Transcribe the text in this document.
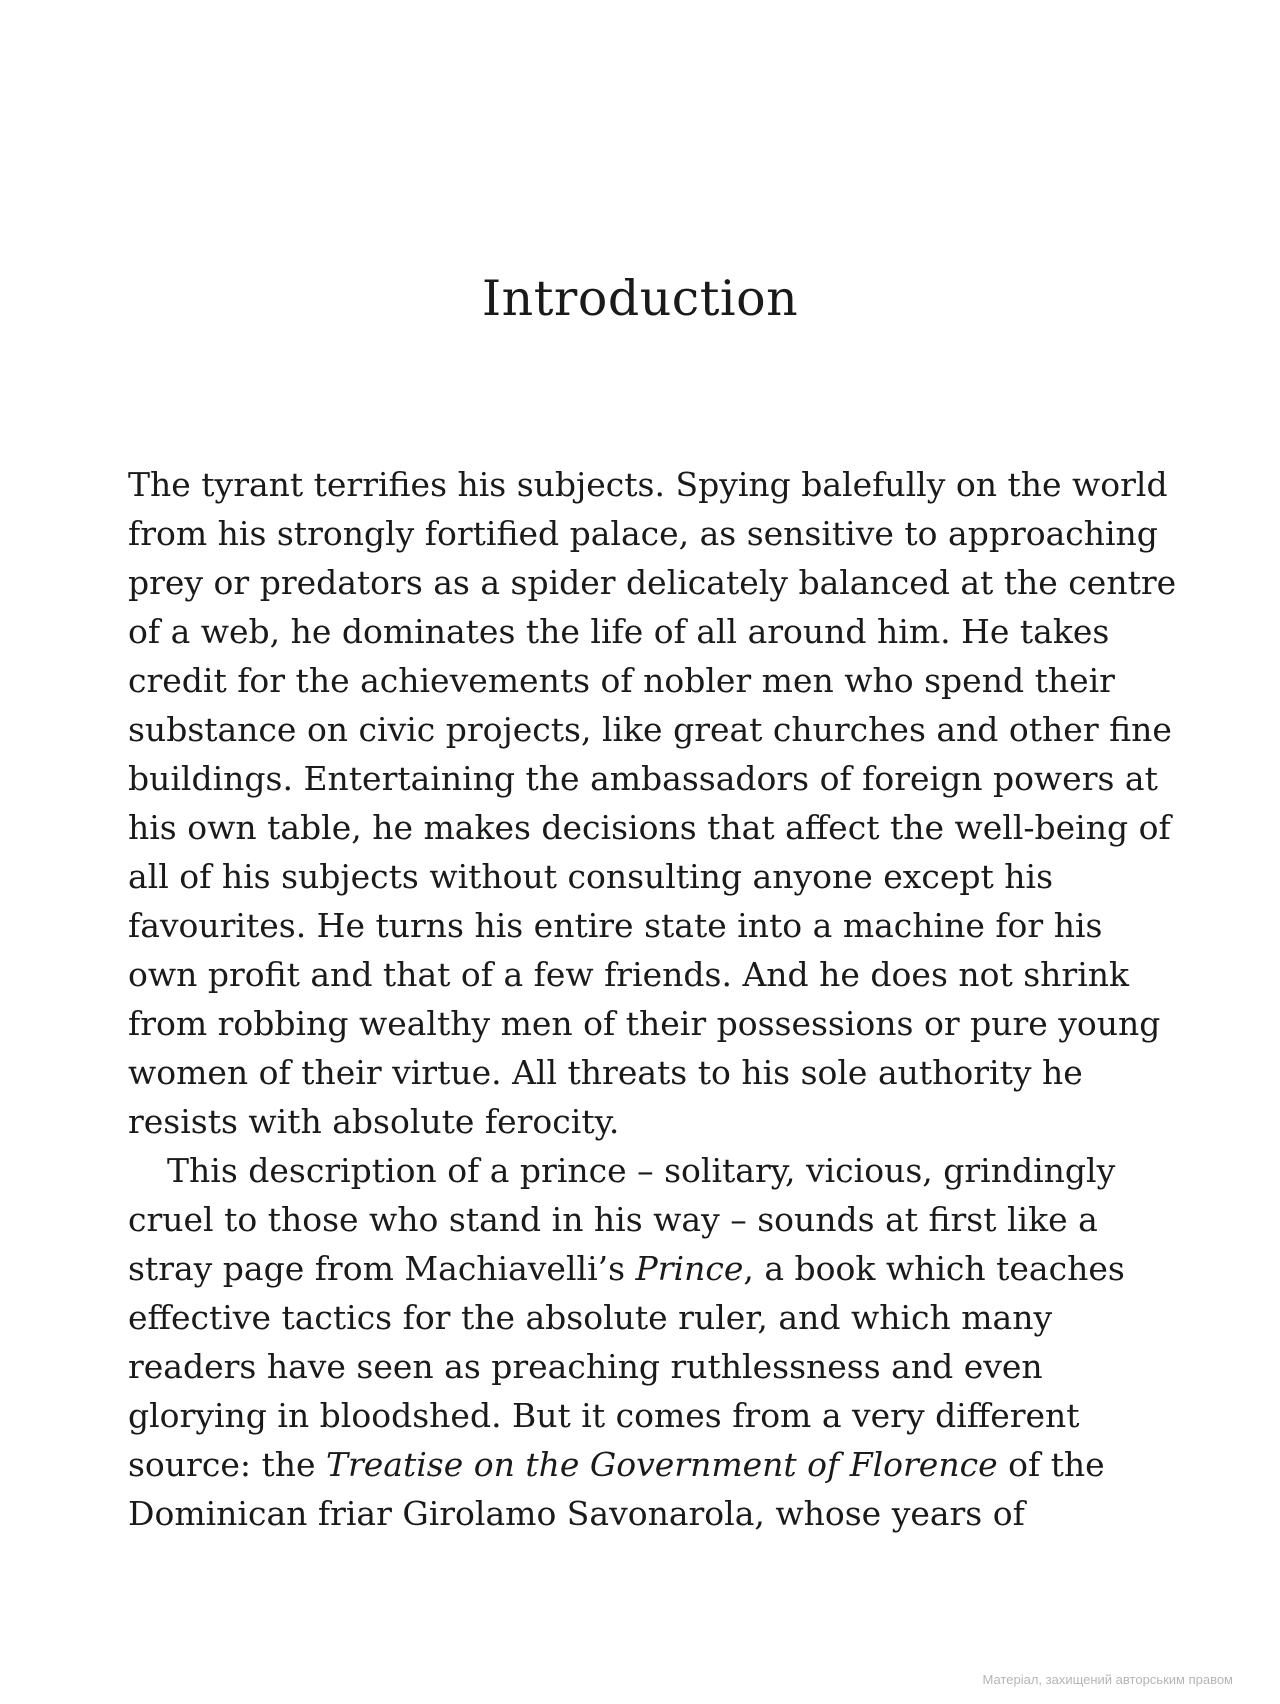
Introduction
The tyrant terrifies his subjects. Spying balefully on the world
from his strongly fortified palace, as sensitive to approaching
prey or predators as a spider delicately balanced at the centre
of a web, he dominates the life of all around him. He takes
credit for the achievements of nobler men who spend their
substance on civic projects, like great churches and other fine
buildings. Entertaining the ambassadors of foreign powers at
his own table, he makes decisions that affect the well-being of
all of his subjects without consulting anyone except his
favourites. He turns his entire state into a machine for his
own profit and that of a few friends. And he does not shrink
from robbing wealthy men of their possessions or pure young
women of their virtue. All threats to his sole authority he
resists with absolute ferocity.
This description of a prince – solitary, vicious, grindingly
cruel to those who stand in his way – sounds at first like a
stray page from Machiavelli’s Prince, a book which teaches
effective tactics for the absolute ruler, and which many
readers have seen as preaching ruthlessness and even
glorying in bloodshed. But it comes from a very different
source: the Treatise on the Government of Florence of the
Dominican friar Girolamo Savonarola, whose years of
Матеріал, захищений авторським правом
